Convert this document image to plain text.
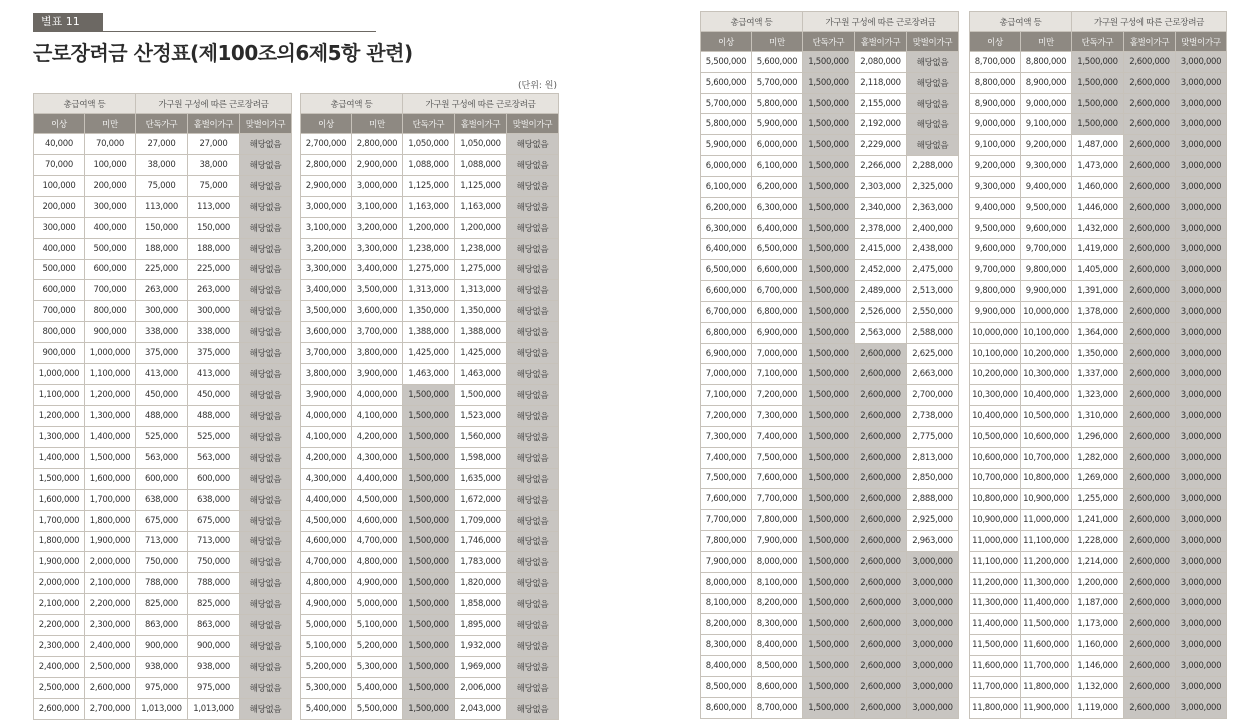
별표 11
근로장려금 산정표(제100조의6제5항 관련)
(단위: 원)
총급여액 등		가구원 구성에 따른 근로장려금		
이상	미만	단독가구	홑벌이가구	맞벌이가구
40,000	70,000	27,000	27,000	해당없음
70,000	100,000	38,000	38,000	해당없음
100,000	200,000	75,000	75,000	해당없음
200,000	300,000	113,000	113,000	해당없음
300,000	400,000	150,000	150,000	해당없음
400,000	500,000	188,000	188,000	해당없음
500,000	600,000	225,000	225,000	해당없음
600,000	700,000	263,000	263,000	해당없음
700,000	800,000	300,000	300,000	해당없음
800,000	900,000	338,000	338,000	해당없음
900,000	1,000,000	375,000	375,000	해당없음
1,000,000	1,100,000	413,000	413,000	해당없음
1,100,000	1,200,000	450,000	450,000	해당없음
1,200,000	1,300,000	488,000	488,000	해당없음
1,300,000	1,400,000	525,000	525,000	해당없음
1,400,000	1,500,000	563,000	563,000	해당없음
1,500,000	1,600,000	600,000	600,000	해당없음
1,600,000	1,700,000	638,000	638,000	해당없음
1,700,000	1,800,000	675,000	675,000	해당없음
1,800,000	1,900,000	713,000	713,000	해당없음
1,900,000	2,000,000	750,000	750,000	해당없음
2,000,000	2,100,000	788,000	788,000	해당없음
2,100,000	2,200,000	825,000	825,000	해당없음
2,200,000	2,300,000	863,000	863,000	해당없음
2,300,000	2,400,000	900,000	900,000	해당없음
2,400,000	2,500,000	938,000	938,000	해당없음
2,500,000	2,600,000	975,000	975,000	해당없음
2,600,000	2,700,000	1,013,000	1,013,000	해당없음
총급여액 등		가구원 구성에 따른 근로장려금		
이상	미만	단독가구	홑벌이가구	맞벌이가구
2,700,000	2,800,000	1,050,000	1,050,000	해당없음
2,800,000	2,900,000	1,088,000	1,088,000	해당없음
2,900,000	3,000,000	1,125,000	1,125,000	해당없음
3,000,000	3,100,000	1,163,000	1,163,000	해당없음
3,100,000	3,200,000	1,200,000	1,200,000	해당없음
3,200,000	3,300,000	1,238,000	1,238,000	해당없음
3,300,000	3,400,000	1,275,000	1,275,000	해당없음
3,400,000	3,500,000	1,313,000	1,313,000	해당없음
3,500,000	3,600,000	1,350,000	1,350,000	해당없음
3,600,000	3,700,000	1,388,000	1,388,000	해당없음
3,700,000	3,800,000	1,425,000	1,425,000	해당없음
3,800,000	3,900,000	1,463,000	1,463,000	해당없음
3,900,000	4,000,000	1,500,000	1,500,000	해당없음
4,000,000	4,100,000	1,500,000	1,523,000	해당없음
4,100,000	4,200,000	1,500,000	1,560,000	해당없음
4,200,000	4,300,000	1,500,000	1,598,000	해당없음
4,300,000	4,400,000	1,500,000	1,635,000	해당없음
4,400,000	4,500,000	1,500,000	1,672,000	해당없음
4,500,000	4,600,000	1,500,000	1,709,000	해당없음
4,600,000	4,700,000	1,500,000	1,746,000	해당없음
4,700,000	4,800,000	1,500,000	1,783,000	해당없음
4,800,000	4,900,000	1,500,000	1,820,000	해당없음
4,900,000	5,000,000	1,500,000	1,858,000	해당없음
5,000,000	5,100,000	1,500,000	1,895,000	해당없음
5,100,000	5,200,000	1,500,000	1,932,000	해당없음
5,200,000	5,300,000	1,500,000	1,969,000	해당없음
5,300,000	5,400,000	1,500,000	2,006,000	해당없음
5,400,000	5,500,000	1,500,000	2,043,000	해당없음
총급여액 등		가구원 구성에 따른 근로장려금		
이상	미만	단독가구	홑벌이가구	맞벌이가구
5,500,000	5,600,000	1,500,000	2,080,000	해당없음
5,600,000	5,700,000	1,500,000	2,118,000	해당없음
5,700,000	5,800,000	1,500,000	2,155,000	해당없음
5,800,000	5,900,000	1,500,000	2,192,000	해당없음
5,900,000	6,000,000	1,500,000	2,229,000	해당없음
6,000,000	6,100,000	1,500,000	2,266,000	2,288,000
6,100,000	6,200,000	1,500,000	2,303,000	2,325,000
6,200,000	6,300,000	1,500,000	2,340,000	2,363,000
6,300,000	6,400,000	1,500,000	2,378,000	2,400,000
6,400,000	6,500,000	1,500,000	2,415,000	2,438,000
6,500,000	6,600,000	1,500,000	2,452,000	2,475,000
6,600,000	6,700,000	1,500,000	2,489,000	2,513,000
6,700,000	6,800,000	1,500,000	2,526,000	2,550,000
6,800,000	6,900,000	1,500,000	2,563,000	2,588,000
6,900,000	7,000,000	1,500,000	2,600,000	2,625,000
7,000,000	7,100,000	1,500,000	2,600,000	2,663,000
7,100,000	7,200,000	1,500,000	2,600,000	2,700,000
7,200,000	7,300,000	1,500,000	2,600,000	2,738,000
7,300,000	7,400,000	1,500,000	2,600,000	2,775,000
7,400,000	7,500,000	1,500,000	2,600,000	2,813,000
7,500,000	7,600,000	1,500,000	2,600,000	2,850,000
7,600,000	7,700,000	1,500,000	2,600,000	2,888,000
7,700,000	7,800,000	1,500,000	2,600,000	2,925,000
7,800,000	7,900,000	1,500,000	2,600,000	2,963,000
7,900,000	8,000,000	1,500,000	2,600,000	3,000,000
8,000,000	8,100,000	1,500,000	2,600,000	3,000,000
8,100,000	8,200,000	1,500,000	2,600,000	3,000,000
8,200,000	8,300,000	1,500,000	2,600,000	3,000,000
8,300,000	8,400,000	1,500,000	2,600,000	3,000,000
8,400,000	8,500,000	1,500,000	2,600,000	3,000,000
8,500,000	8,600,000	1,500,000	2,600,000	3,000,000
8,600,000	8,700,000	1,500,000	2,600,000	3,000,000
총급여액 등		가구원 구성에 따른 근로장려금		
이상	미만	단독가구	홑벌이가구	맞벌이가구
8,700,000	8,800,000	1,500,000	2,600,000	3,000,000
8,800,000	8,900,000	1,500,000	2,600,000	3,000,000
8,900,000	9,000,000	1,500,000	2,600,000	3,000,000
9,000,000	9,100,000	1,500,000	2,600,000	3,000,000
9,100,000	9,200,000	1,487,000	2,600,000	3,000,000
9,200,000	9,300,000	1,473,000	2,600,000	3,000,000
9,300,000	9,400,000	1,460,000	2,600,000	3,000,000
9,400,000	9,500,000	1,446,000	2,600,000	3,000,000
9,500,000	9,600,000	1,432,000	2,600,000	3,000,000
9,600,000	9,700,000	1,419,000	2,600,000	3,000,000
9,700,000	9,800,000	1,405,000	2,600,000	3,000,000
9,800,000	9,900,000	1,391,000	2,600,000	3,000,000
9,900,000	10,000,000	1,378,000	2,600,000	3,000,000
10,000,000	10,100,000	1,364,000	2,600,000	3,000,000
10,100,000	10,200,000	1,350,000	2,600,000	3,000,000
10,200,000	10,300,000	1,337,000	2,600,000	3,000,000
10,300,000	10,400,000	1,323,000	2,600,000	3,000,000
10,400,000	10,500,000	1,310,000	2,600,000	3,000,000
10,500,000	10,600,000	1,296,000	2,600,000	3,000,000
10,600,000	10,700,000	1,282,000	2,600,000	3,000,000
10,700,000	10,800,000	1,269,000	2,600,000	3,000,000
10,800,000	10,900,000	1,255,000	2,600,000	3,000,000
10,900,000	11,000,000	1,241,000	2,600,000	3,000,000
11,000,000	11,100,000	1,228,000	2,600,000	3,000,000
11,100,000	11,200,000	1,214,000	2,600,000	3,000,000
11,200,000	11,300,000	1,200,000	2,600,000	3,000,000
11,300,000	11,400,000	1,187,000	2,600,000	3,000,000
11,400,000	11,500,000	1,173,000	2,600,000	3,000,000
11,500,000	11,600,000	1,160,000	2,600,000	3,000,000
11,600,000	11,700,000	1,146,000	2,600,000	3,000,000
11,700,000	11,800,000	1,132,000	2,600,000	3,000,000
11,800,000	11,900,000	1,119,000	2,600,000	3,000,000
